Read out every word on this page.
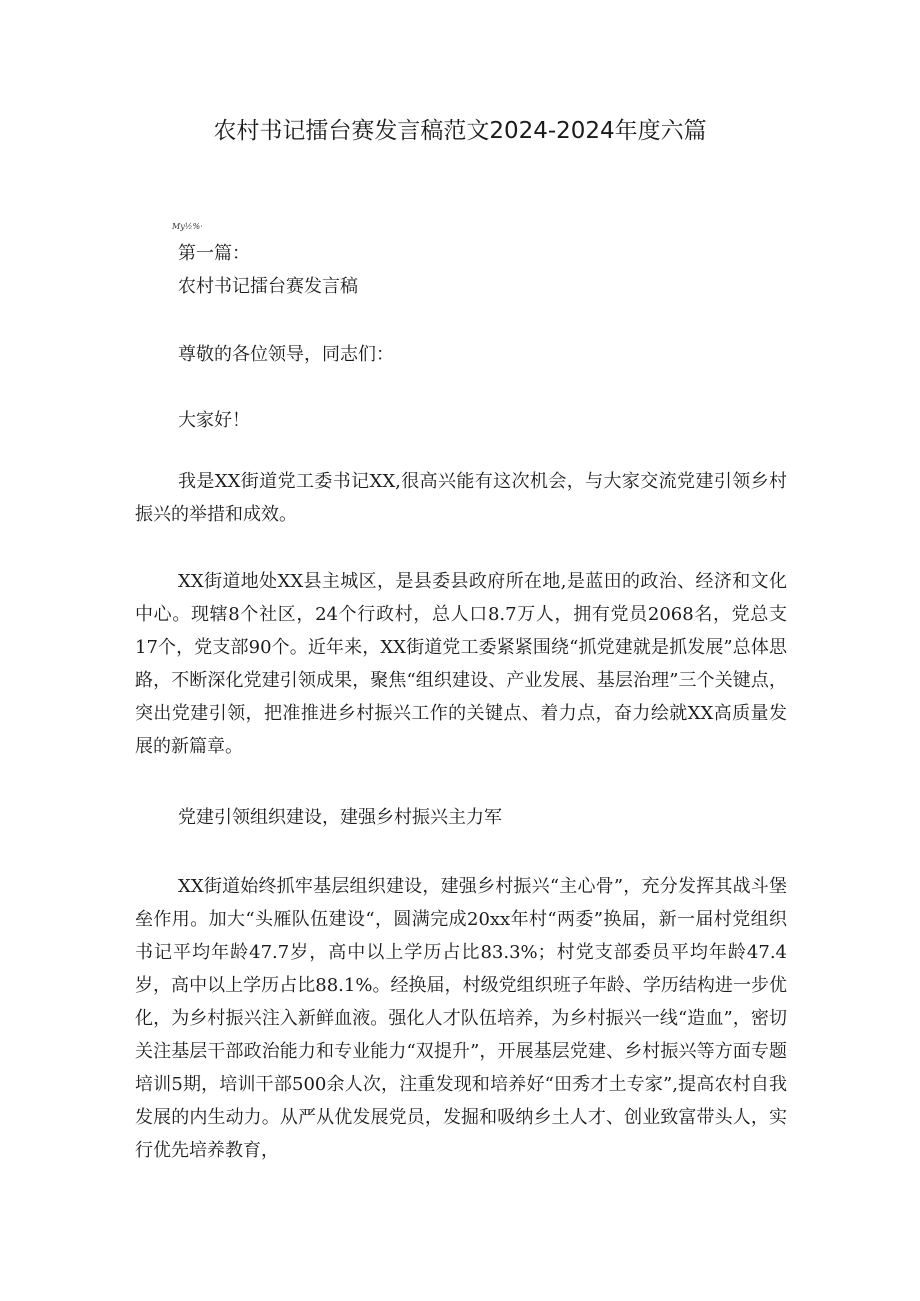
农村书记擂台赛发言稿范文2024-2024年度六篇
My½%·
第一篇：
农村书记擂台赛发言稿
尊敬的各位领导，同志们：
大家好！

我是XX街道党工委书记XX,很高兴能有这次机会，与大家交流党建引领乡村振兴的举措和成效。

XX街道地处XX县主城区，是县委县政府所在地,是蓝田的政治、经济和文化中心。现辖8个社区，24个行政村，总人口8.7万人，拥有党员2068名，党总支17个，党支部90个。近年来，XX街道党工委紧紧围绕“抓党建就是抓发展”总体思路，不断深化党建引领成果，聚焦“组织建设、产业发展、基层治理”三个关键点，突出党建引领，把准推进乡村振兴工作的关键点、着力点，奋力绘就XX高质量发展的新篇章。

党建引领组织建设，建强乡村振兴主力军

XX街道始终抓牢基层组织建设，建强乡村振兴“主心骨”，充分发挥其战斗堡垒作用。加大“头雁队伍建设“，圆满完成20xx年村“两委”换届，新一届村党组织书记平均年龄47.7岁，高中以上学历占比83.3%；村党支部委员平均年龄47.4岁，高中以上学历占比88.1%。经换届，村级党组织班子年龄、学历结构进一步优化，为乡村振兴注入新鲜血液。强化人才队伍培养，为乡村振兴一线“造血”，密切关注基层干部政治能力和专业能力“双提升”，开展基层党建、乡村振兴等方面专题培训5期，培训干部500余人次，注重发现和培养好“田秀才土专家”,提高农村自我发展的内生动力。从严从优发展党员，发掘和吸纳乡土人才、创业致富带头人，实行优先培养教育，
